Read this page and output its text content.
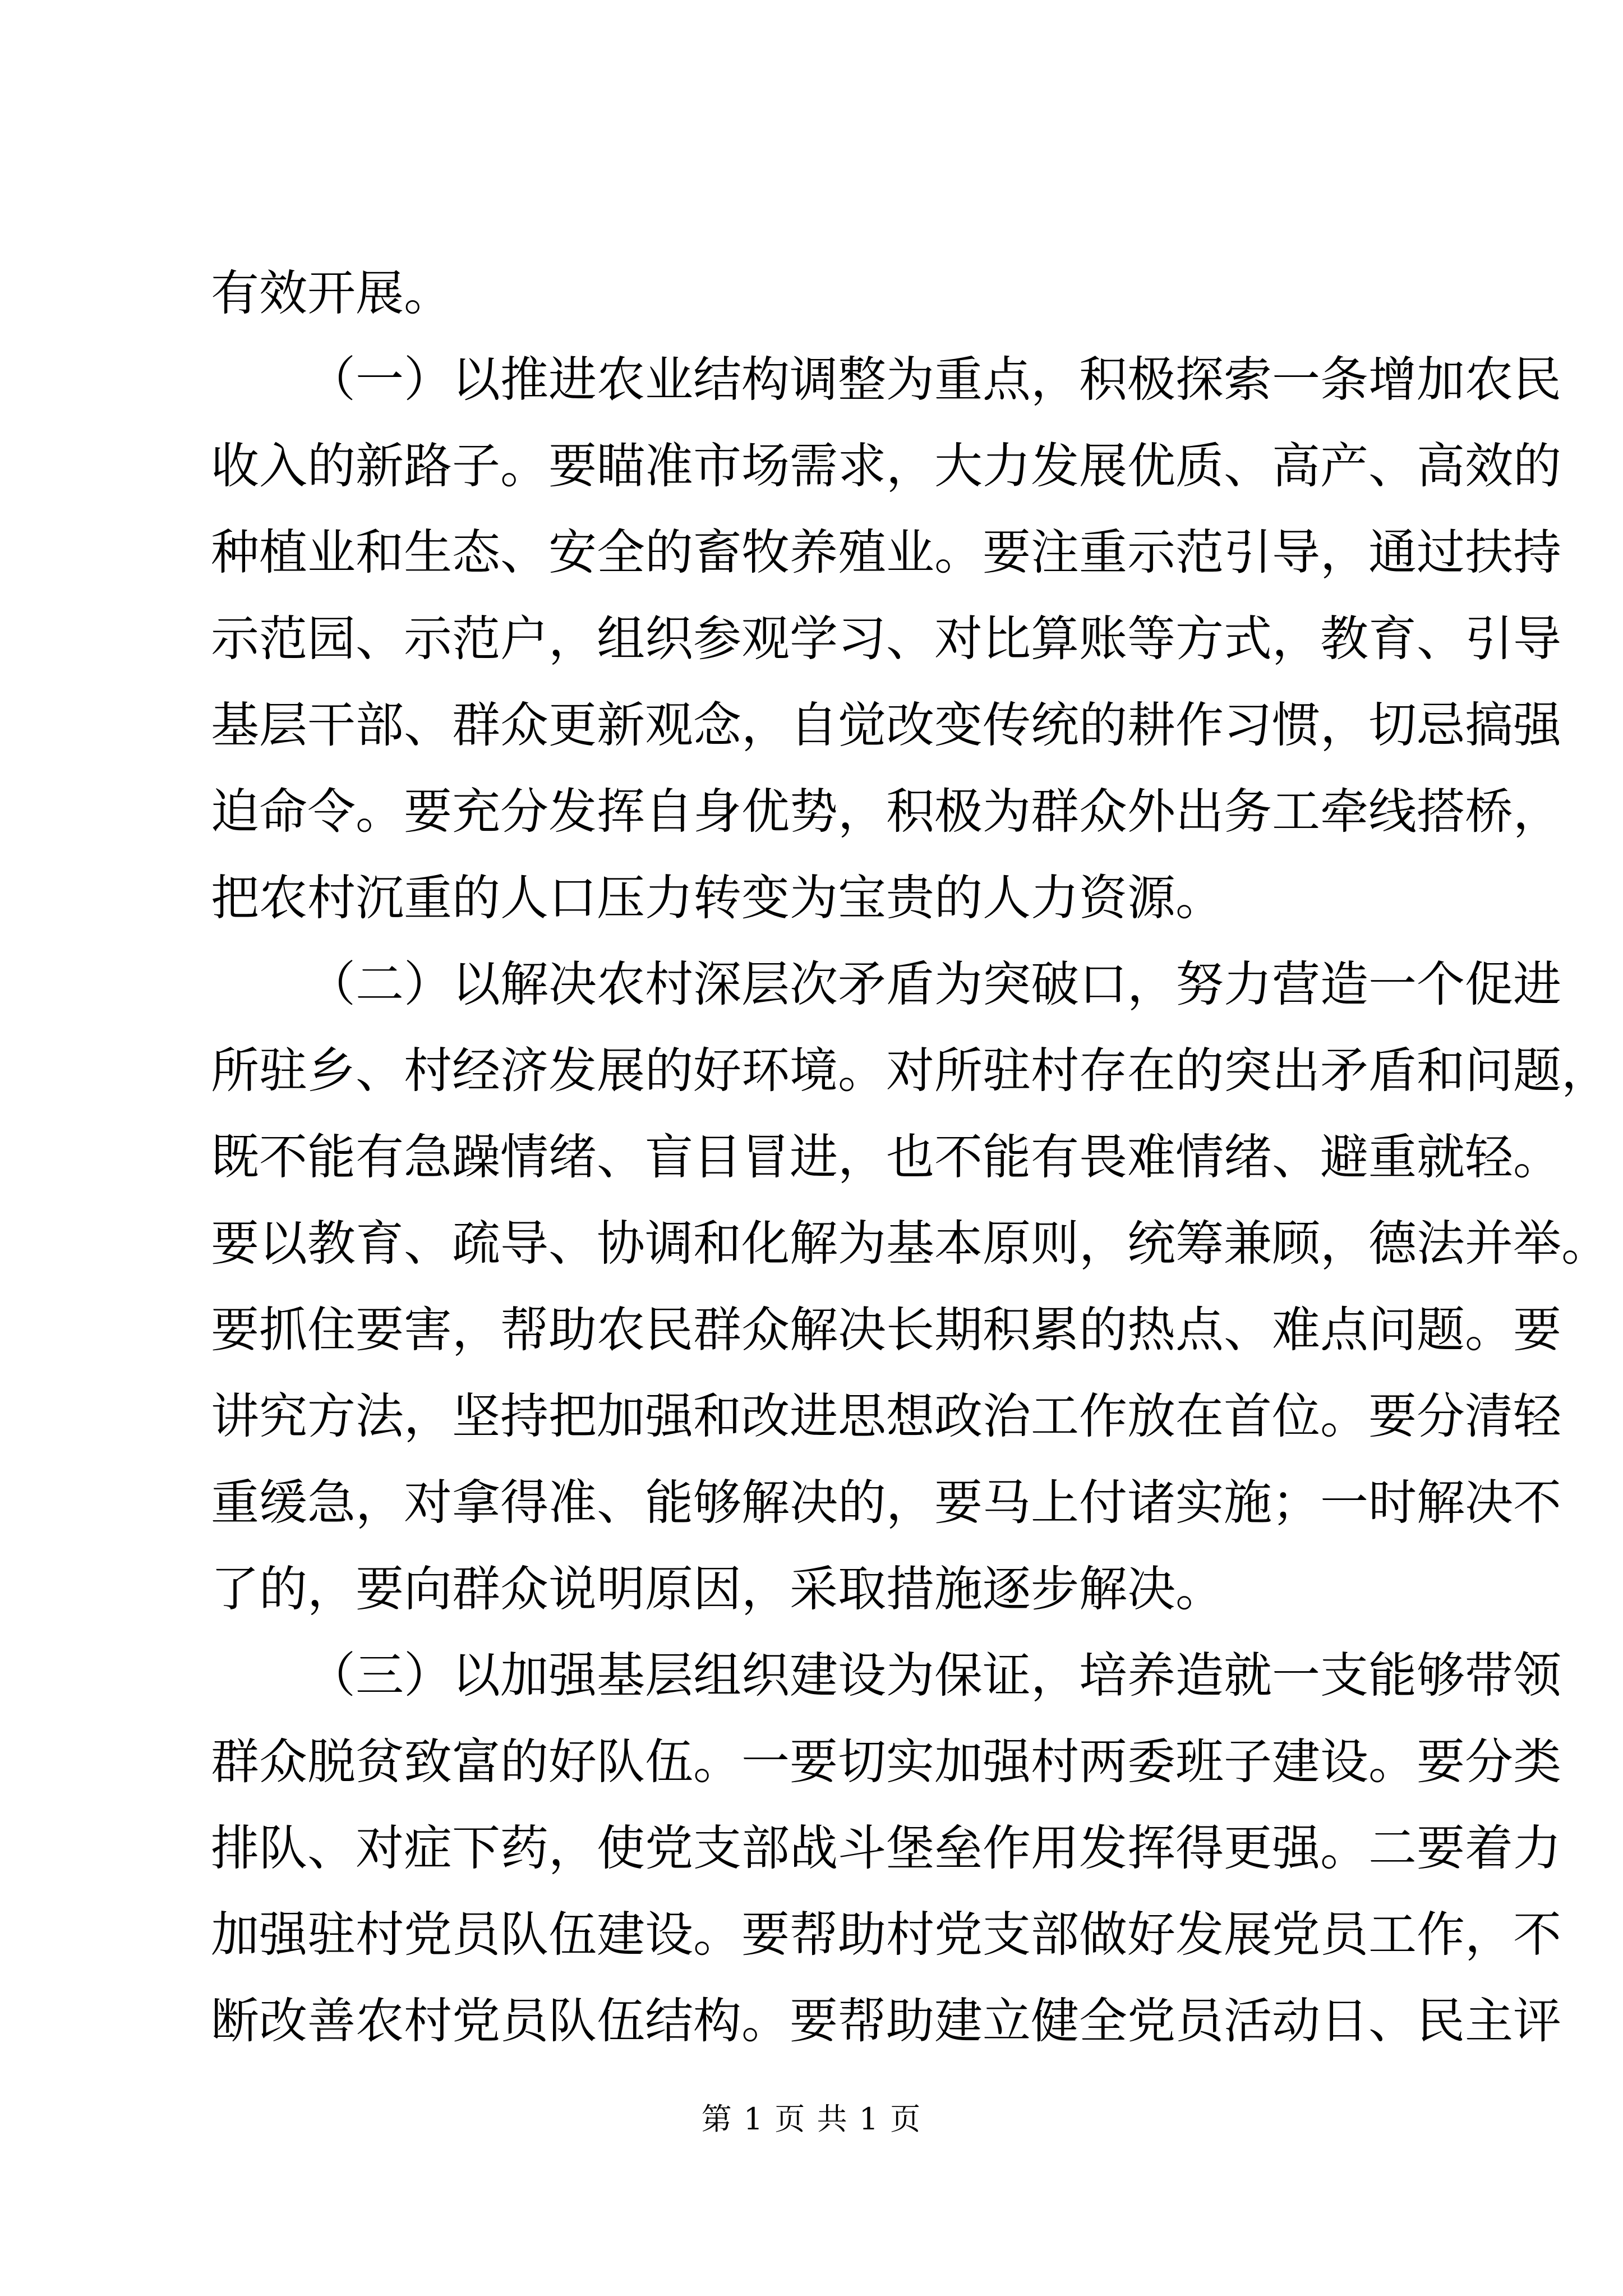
有效开展。
（一）以推进农业结构调整为重点，积极探索一条增加农民
收入的新路子。要瞄准市场需求，大力发展优质、高产、高效的
种植业和生态、安全的畜牧养殖业。要注重示范引导，通过扶持
示范园、示范户，组织参观学习、对比算账等方式，教育、引导
基层干部、群众更新观念，自觉改变传统的耕作习惯，切忌搞强
迫命令。要充分发挥自身优势，积极为群众外出务工牵线搭桥，
把农村沉重的人口压力转变为宝贵的人力资源。
（二）以解决农村深层次矛盾为突破口，努力营造一个促进
所驻乡、村经济发展的好环境。对所驻村存在的突出矛盾和问题，
既不能有急躁情绪、盲目冒进，也不能有畏难情绪、避重就轻。
要以教育、疏导、协调和化解为基本原则，统筹兼顾，德法并举。
要抓住要害，帮助农民群众解决长期积累的热点、难点问题。要
讲究方法，坚持把加强和改进思想政治工作放在首位。要分清轻
重缓急，对拿得准、能够解决的，要马上付诸实施；一时解决不
了的，要向群众说明原因，采取措施逐步解决。
（三）以加强基层组织建设为保证，培养造就一支能够带领
群众脱贫致富的好队伍。一要切实加强村两委班子建设。要分类
排队、对症下药，使党支部战斗堡垒作用发挥得更强。二要着力
加强驻村党员队伍建设。要帮助村党支部做好发展党员工作，不
断改善农村党员队伍结构。要帮助建立健全党员活动日、民主评
第 1 页 共 1 页
